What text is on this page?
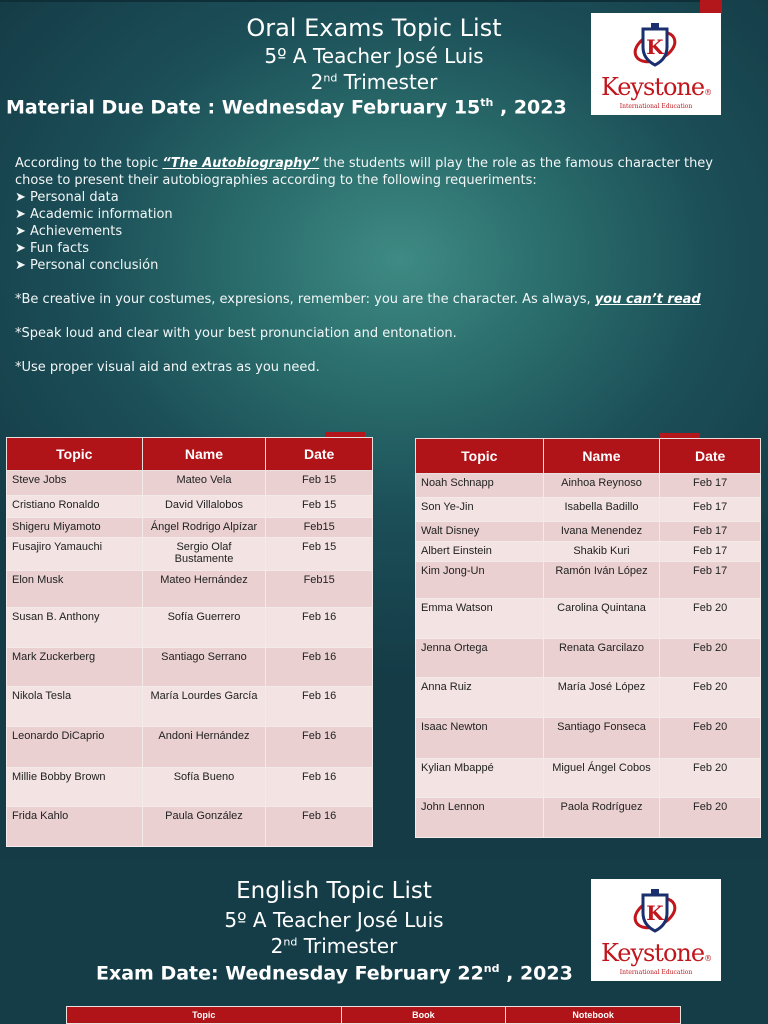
Oral Exams Topic List
5º A Teacher José Luis
2nd Trimester
Material Due Date : Wednesday February 15th , 2023
K
Keystone®
International Education

According to the topic “The Autobiography” the students will play the role as the famous character they chose to present their autobiographies according to the following requeriments:

➤ Personal data

➤ Academic information

➤ Achievements

➤ Fun facts

➤ Personal conclusión

*Be creative in your costumes, expresions, remember: you are the character. As always, you can’t read

*Speak loud and clear with your best pronunciation and entonation.

*Use proper visual aid and extras as you need.

Topic	Name	Date
Steve Jobs	Mateo Vela	Feb 15
Cristiano Ronaldo	David Villalobos	Feb 15
Shigeru Miyamoto	Ángel Rodrigo Alpízar	Feb15
Fusajiro Yamauchi	Sergio Olaf Bustamente	Feb 15
Elon Musk	Mateo Hernández	Feb15
Susan B. Anthony	Sofía Guerrero	Feb 16
Mark Zuckerberg	Santiago Serrano	Feb 16
Nikola Tesla	María Lourdes García	Feb 16
Leonardo DiCaprio	Andoni Hernández	Feb 16
Millie Bobby Brown	Sofía Bueno	Feb 16
Frida Kahlo	Paula González	Feb 16
Topic	Name	Date
Noah Schnapp	Ainhoa Reynoso	Feb 17
Son Ye-Jin	Isabella Badillo	Feb 17
Walt Disney	Ivana Menendez	Feb 17
Albert Einstein	Shakib Kuri	Feb 17
Kim Jong-Un	Ramón Iván López	Feb 17
Emma Watson	Carolina Quintana	Feb 20
Jenna Ortega	Renata Garcilazo	Feb 20
Anna Ruiz	María José López	Feb 20
Isaac Newton	Santiago Fonseca	Feb 20
Kylian Mbappé	Miguel Ángel Cobos	Feb 20
John Lennon	Paola Rodríguez	Feb 20
English Topic List
5º A Teacher José Luis
2nd Trimester
Exam Date: Wednesday February 22nd , 2023
K
Keystone®
International Education
Topic	Book	Notebook
